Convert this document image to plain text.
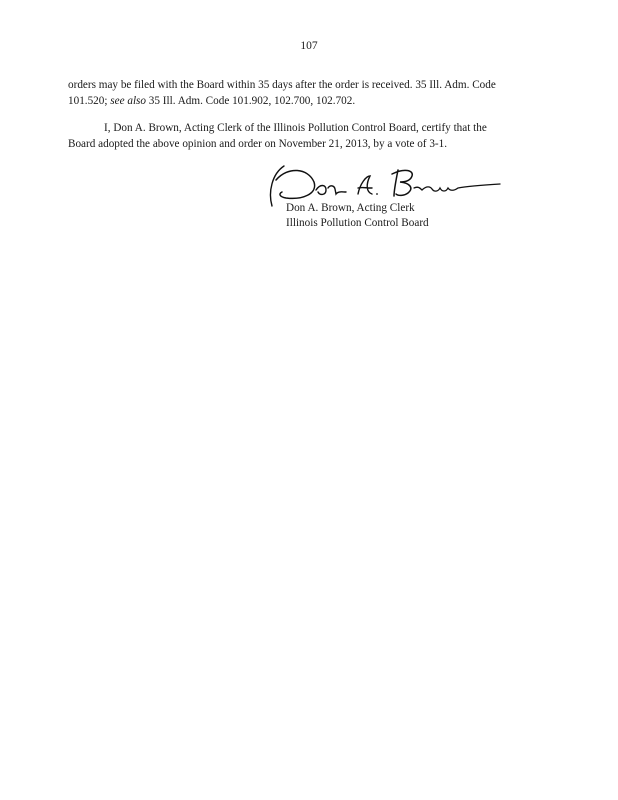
107

orders may be filed with the Board within 35 days after the order is received. 35 Ill. Adm. Code
101.520; see also 35 Ill. Adm. Code 101.902, 102.700, 102.702.

I, Don A. Brown, Acting Clerk of the Illinois Pollution Control Board, certify that the
Board adopted the above opinion and order on November 21, 2013, by a vote of 3-1.

Don A. Brown, Acting Clerk
Illinois Pollution Control Board
